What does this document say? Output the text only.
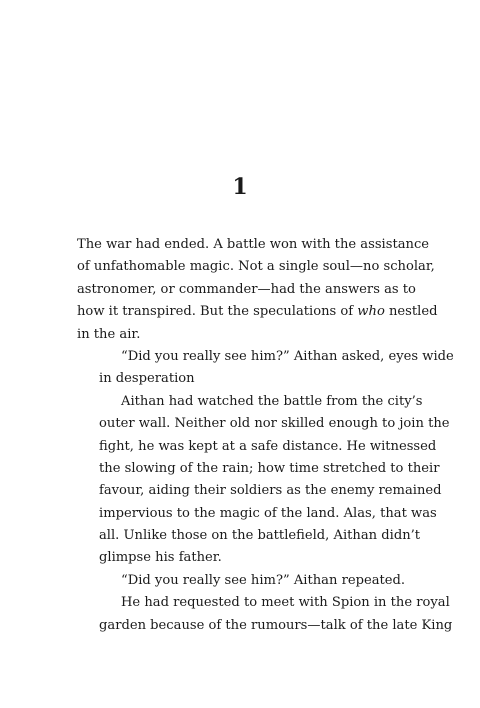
1
The war had ended. A battle won with the assistance
of unfathomable magic. Not a single soul—no scholar,
astronomer, or commander—had the answers as to
how it transpired. But the speculations of who nestled
in the air.
“Did you really see him?” Aithan asked, eyes wide
in desperation
Aithan had watched the battle from the city’s
outer wall. Neither old nor skilled enough to join the
fight, he was kept at a safe distance. He witnessed
the slowing of the rain; how time stretched to their
favour, aiding their soldiers as the enemy remained
impervious to the magic of the land. Alas, that was
all. Unlike those on the battlefield, Aithan didn’t
glimpse his father.
“Did you really see him?” Aithan repeated.
He had requested to meet with Spion in the royal
garden because of the rumours—talk of the late King
